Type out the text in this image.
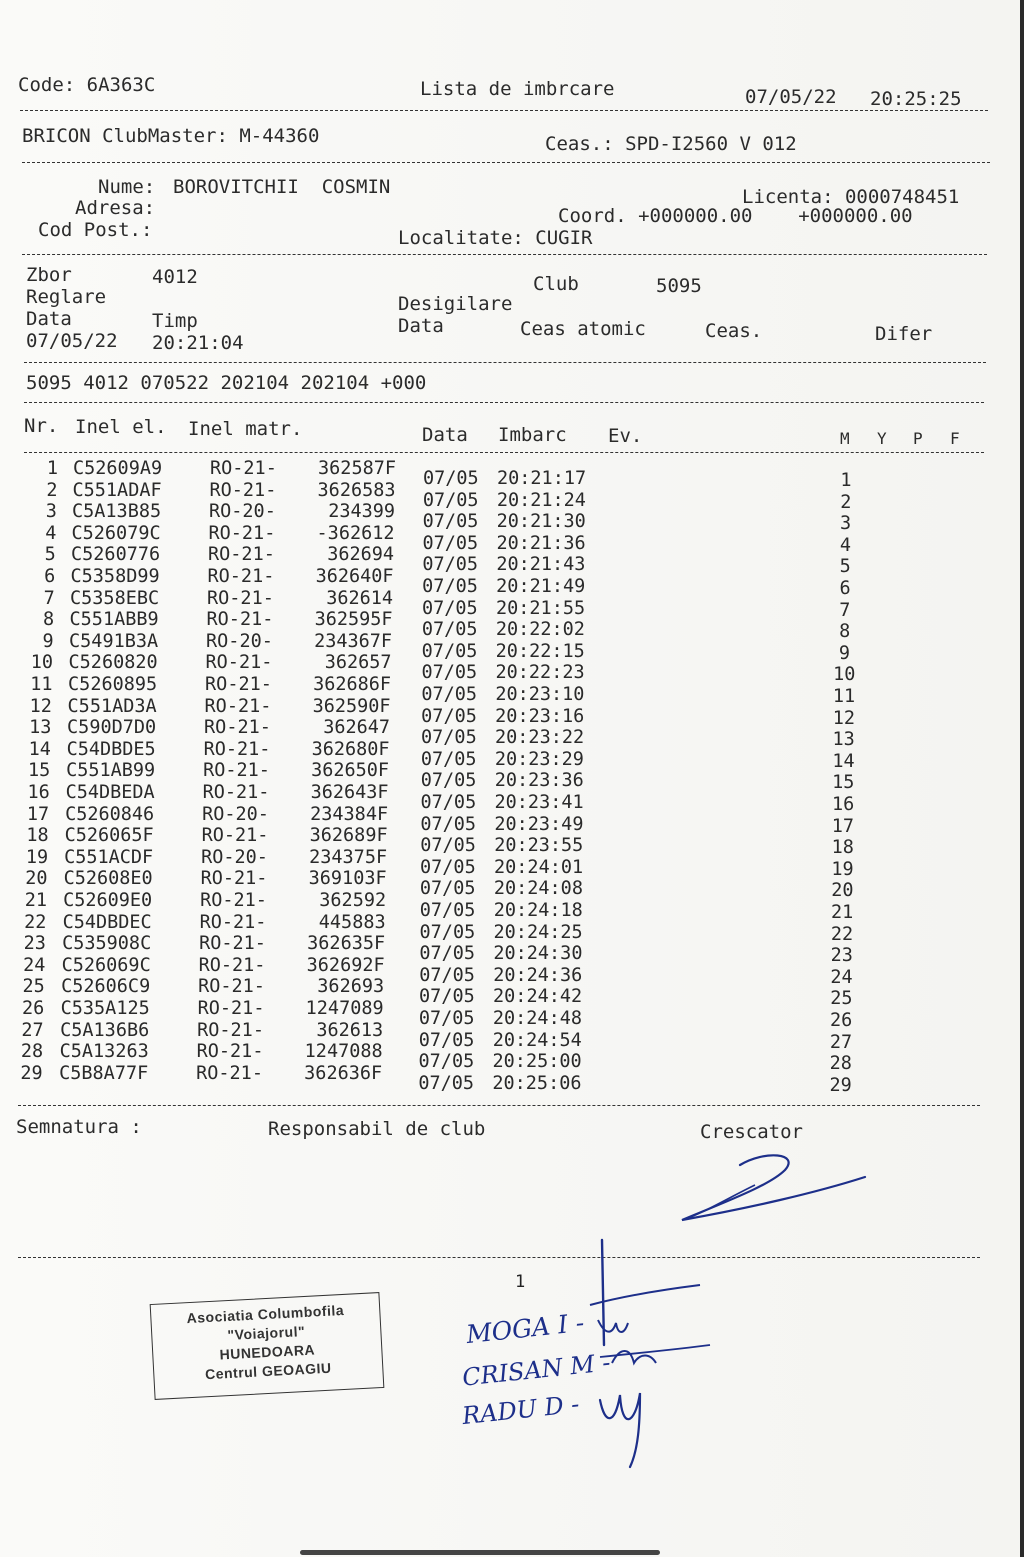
Code: 6A363C	Lista de imbrcare	07/05/22 20:25:25
BRICON ClubMaster: M-44360	Ceas.: SPD-I2560 V 012
Nume: BOROVITCHII  COSMIN	Licenta: 0000748451
Adresa:	Coord. +000000.00    +000000.00
Cod Post.:	Localitate: CUGIR
Zbor	4012	Club	5095
Reglare	Desigilare
Data	Timp	Data	Ceas atomic	Ceas.	Difer
07/05/22 20:21:04
5095 4012 070522 202104 202104 +000
Nr. Inel el. Inel matr.	Data Imbarc Ev.	M Y P F
1 C52609A9	RO-21- 362587F 07/05 20:21:17	1
2 C551ADAF	RO-21- 3626583 07/05 20:21:24	2
3 C5A13B85	RO-20-	234399 07/05 20:21:30	3
4 C526079C	RO-21- -362612 07/05 20:21:36	4
5 C5260776	RO-21-	362694 07/05 20:21:43	5
6 C5358D99	RO-21- 362640F 07/05 20:21:49	6
7 C5358EBC	RO-21-	362614 07/05 20:21:55	7
8 C551ABB9	RO-21- 362595F 07/05 20:22:02	8
9 C5491B3A	RO-20- 234367F 07/05 20:22:15	9
10 C5260820	RO-21-	362657 07/05 20:22:23	10
11 C5260895	RO-21- 362686F 07/05 20:23:10	11
12 C551AD3A	RO-21- 362590F 07/05 20:23:16	12
13 C590D7D0	RO-21-	362647 07/05 20:23:22	13
14 C54DBDE5	RO-21- 362680F 07/05 20:23:29	14
15 C551AB99	RO-21- 362650F 07/05 20:23:36	15
16 C54DBEDA	RO-21- 362643F 07/05 20:23:41	16
17 C5260846	RO-20- 234384F 07/05 20:23:49	17
18 C526065F	RO-21- 362689F 07/05 20:23:55	18
19 C551ACDF	RO-20- 234375F 07/05 20:24:01	19
20 C52608E0	RO-21- 369103F 07/05 20:24:08	20
21 C52609E0	RO-21-	362592 07/05 20:24:18	21
22 C54DBDEC	RO-21-	445883 07/05 20:24:25	22
23 C535908C	RO-21- 362635F 07/05 20:24:30	23
24 C526069C	RO-21- 362692F 07/05 20:24:36	24
25 C52606C9	RO-21-	362693 07/05 20:24:42	25
26 C535A125	RO-21- 1247089 07/05 20:24:48	26
27 C5A136B6	RO-21-	362613 07/05 20:24:54	27
28 C5A13263	RO-21- 1247088 07/05 20:25:00	28
29 C5B8A77F	RO-21- 362636F 07/05 20:25:06	29
Semnatura :	Responsabil de club	Crescator
1
Asociatia Columbofila
"Voiajorul"
HUNEDOARA
Centrul GEOAGIU
MOGA I -
CRISAN M -
RADU D -
